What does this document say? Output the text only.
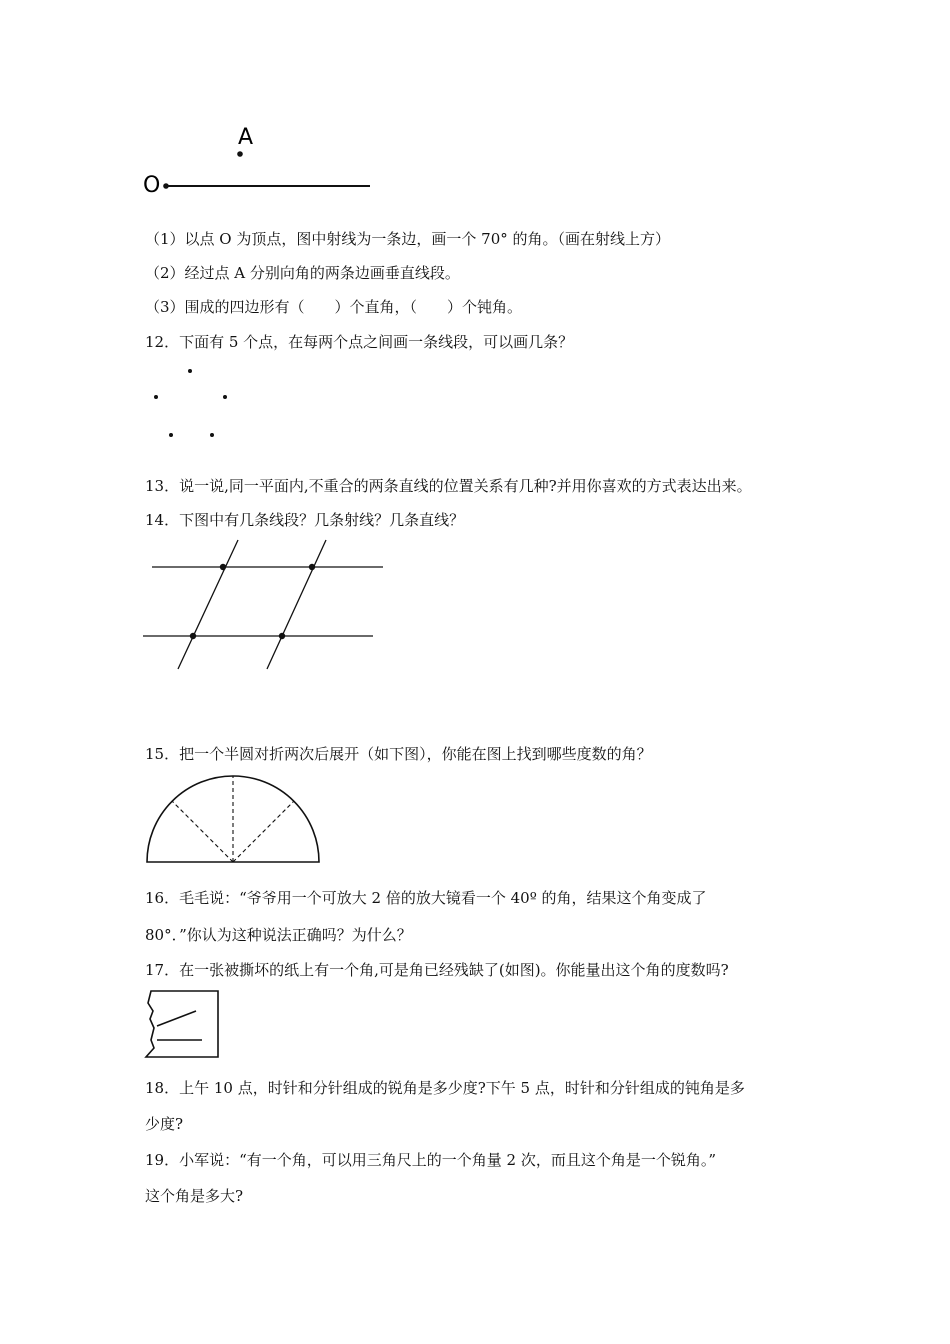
A
O
（1）以点 O 为顶点，图中射线为一条边，画一个 70° 的角。（画在射线上方）
（2）经过点 A 分别向角的两条边画垂直线段。
（3）围成的四边形有（　　）个直角，（　　）个钝角。
12．下面有 5 个点，在每两个点之间画一条线段，可以画几条？
13．说一说,同一平面内,不重合的两条直线的位置关系有几种?并用你喜欢的方式表达出来。
14．下图中有几条线段？几条射线？几条直线？
15．把一个半圆对折两次后展开（如下图），你能在图上找到哪些度数的角？
16．毛毛说：“爷爷用一个可放大 2 倍的放大镜看一个 40º 的角，结果这个角变成了
80°．”你认为这种说法正确吗？为什么？
17．在一张被撕坏的纸上有一个角,可是角已经残缺了(如图)。你能量出这个角的度数吗?
18．上午 10 点，时针和分针组成的锐角是多少度?下午 5 点，时针和分针组成的钝角是多
少度?
19．小军说：“有一个角，可以用三角尺上的一个角量 2 次，而且这个角是一个锐角。”
这个角是多大?
